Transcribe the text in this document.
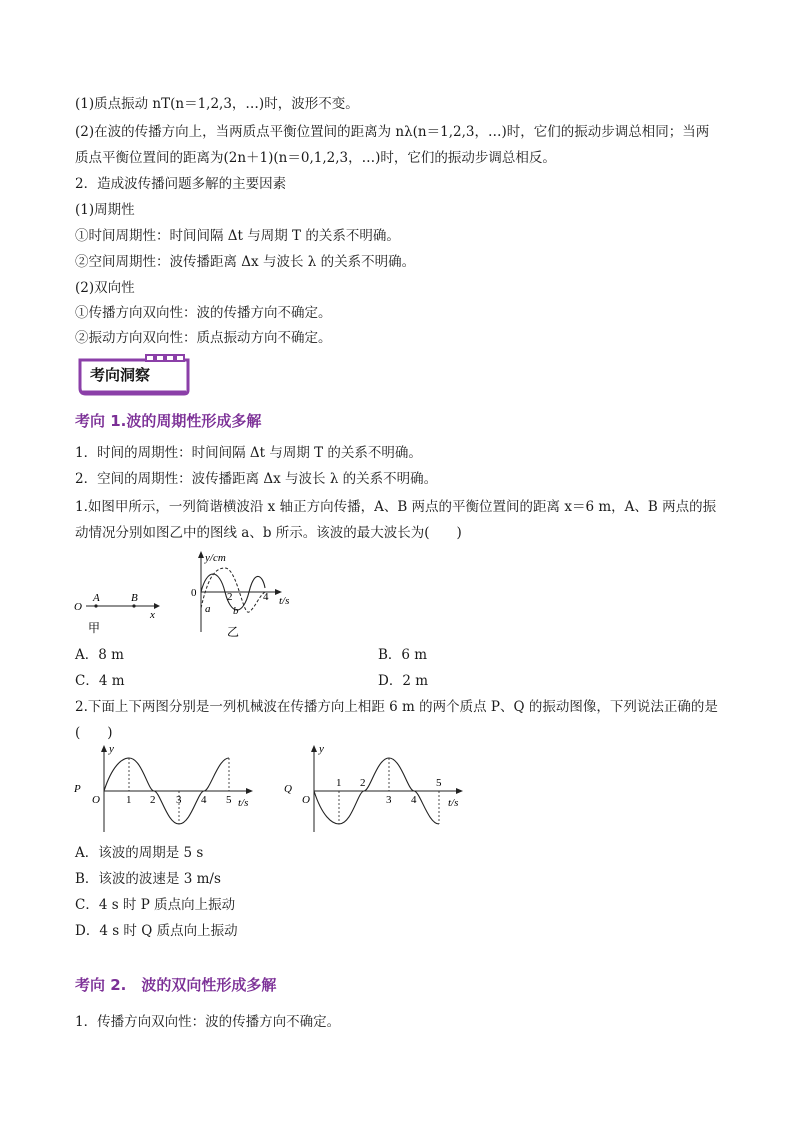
(1)质点振动 nT(n＝1,2,3，…)时，波形不变。
(2)在波的传播方向上，当两质点平衡位置间的距离为 nλ(n＝1,2,3，…)时，它们的振动步调总相同；当两
质点平衡位置间的距离为(2n＋1)(n＝0,1,2,3，…)时，它们的振动步调总相反。
2．造成波传播问题多解的主要因素
(1)周期性
①时间周期性：时间间隔 Δt 与周期 T 的关系不明确。
②空间周期性：波传播距离 Δx 与波长 λ 的关系不明确。
(2)双向性
①传播方向双向性：波的传播方向不确定。
②振动方向双向性：质点振动方向不确定。
考向洞察
考向 1.波的周期性形成多解
1．时间的周期性：时间间隔 Δt 与周期 T 的关系不明确。
2．空间的周期性：波传播距离 Δx 与波长 λ 的关系不明确。
1.如图甲所示，一列简谐横波沿 x 轴正方向传播，A、B 两点的平衡位置间的距离 x＝6 m，A、B 两点的振
动情况分别如图乙中的图线 a、b 所示。该波的最大波长为(　　)
O
A	B
x
甲
y/cm
0	2	4 t/s
a b
乙
A．8 m	B．6 m
C．4 m	D．2 m
2.下面上下两图分别是一列机械波在传播方向上相距 6 m 的两个质点 P、Q 的振动图像，下列说法正确的是
(　　)
y
P
O 1 2 3 4 5 t/s
y
Q
O
1 2
3 4
5
t/s
A．该波的周期是 5 s
B．该波的波速是 3 m/s
C．4 s 时 P 质点向上振动
D．4 s 时 Q 质点向上振动
考向 2.　波的双向性形成多解
1．传播方向双向性：波的传播方向不确定。
